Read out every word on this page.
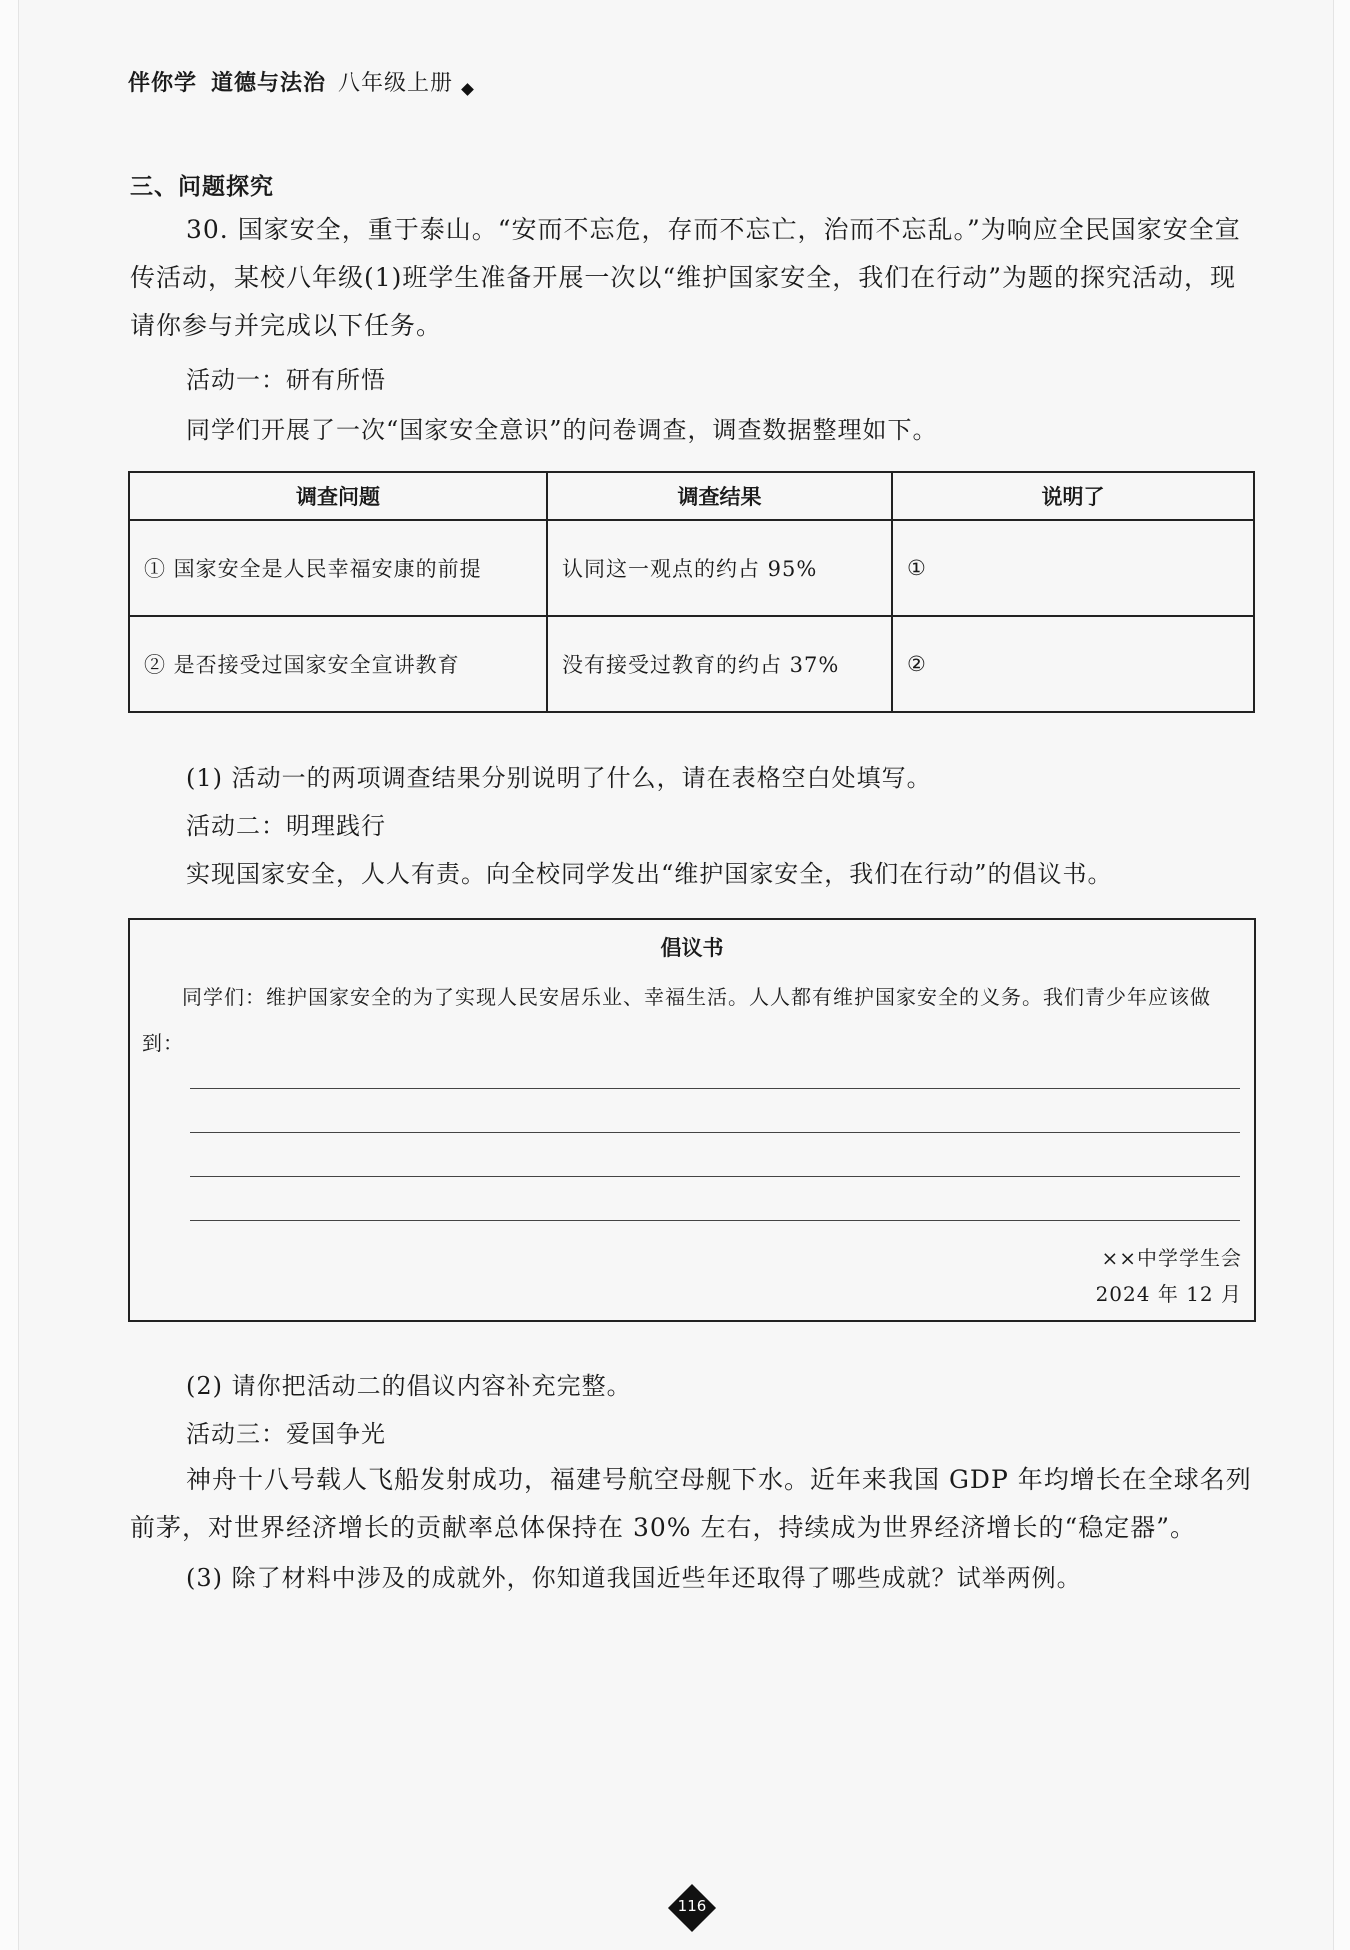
伴你学 道德与法治 八年级上册
三、问题探究
30. 国家安全，重于泰山。“安而不忘危，存而不忘亡，治而不忘乱。”为响应全民国家安全宣传活动，某校八年级(1)班学生准备开展一次以“维护国家安全，我们在行动”为题的探究活动，现请你参与并完成以下任务。
活动一：研有所悟
同学们开展了一次“国家安全意识”的问卷调查，调查数据整理如下。
调查问题	调查结果	说明了
① 国家安全是人民幸福安康的前提	认同这一观点的约占 95%	①
② 是否接受过国家安全宣讲教育	没有接受过教育的约占 37%	②
(1) 活动一的两项调查结果分别说明了什么，请在表格空白处填写。
活动二：明理践行
实现国家安全，人人有责。向全校同学发出“维护国家安全，我们在行动”的倡议书。
倡议书
同学们：维护国家安全的为了实现人民安居乐业、幸福生活。人人都有维护国家安全的义务。我们青少年应该做到：
××中学学生会
2024 年 12 月
(2) 请你把活动二的倡议内容补充完整。
活动三：爱国争光
神舟十八号载人飞船发射成功，福建号航空母舰下水。近年来我国 GDP 年均增长在全球名列前茅，对世界经济增长的贡献率总体保持在 30% 左右，持续成为世界经济增长的“稳定器”。
(3) 除了材料中涉及的成就外，你知道我国近些年还取得了哪些成就？试举两例。
116
